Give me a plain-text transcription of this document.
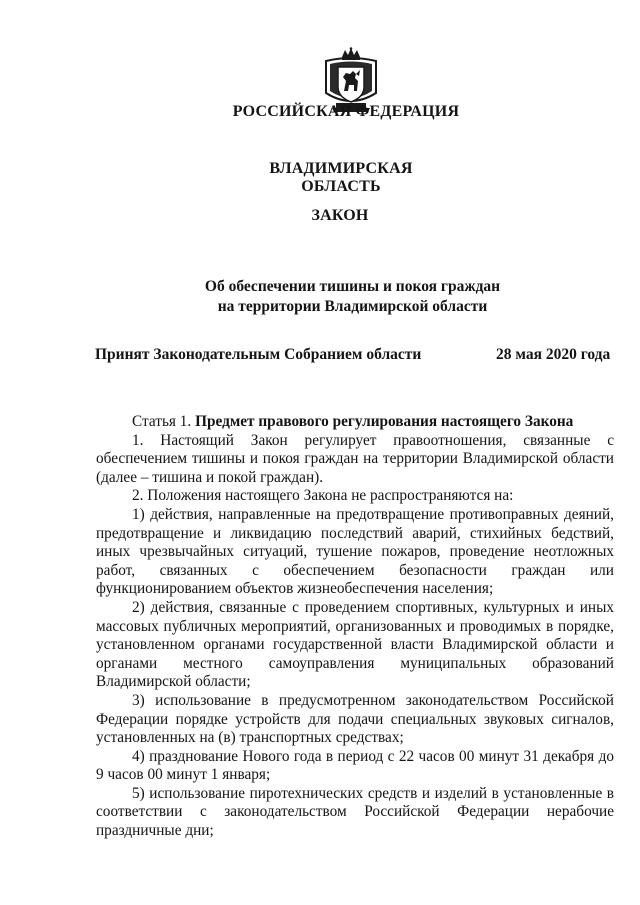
РОССИЙСКАЯ ФЕДЕРАЦИЯ
ВЛАДИМИРСКАЯ ОБЛАСТЬ
ЗАКОН
Об обеспечении тишины и покоя граждан
на территории Владимирской области
Принят Законодательным Собранием области	28 мая 2020 года

Статья 1. Предмет правового регулирования настоящего Закона

1. Настоящий Закон регулирует правоотношения, связанные с обеспечением тишины и покоя граждан на территории Владимирской области (далее – тишина и покой граждан).

2. Положения настоящего Закона не распространяются на:

1) действия, направленные на предотвращение противоправных деяний, предотвращение и ликвидацию последствий аварий, стихийных бедствий, иных чрезвычайных ситуаций, тушение пожаров, проведение неотложных работ, связанных с обеспечением безопасности граждан или функционированием объектов жизнеобеспечения населения;

2) действия, связанные с проведением спортивных, культурных и иных массовых публичных мероприятий, организованных и проводимых в порядке, установленном органами государственной власти Владимирской области и органами местного самоуправления муниципальных образований Владимирской области;

3) использование в предусмотренном законодательством Российской Федерации порядке устройств для подачи специальных звуковых сигналов, установленных на (в) транспортных средствах;

4) празднование Нового года в период с 22 часов 00 минут 31 декабря до 9 часов 00 минут 1 января;

5) использование пиротехнических средств и изделий в установленные в соответствии с законодательством Российской Федерации нерабочие праздничные дни;
